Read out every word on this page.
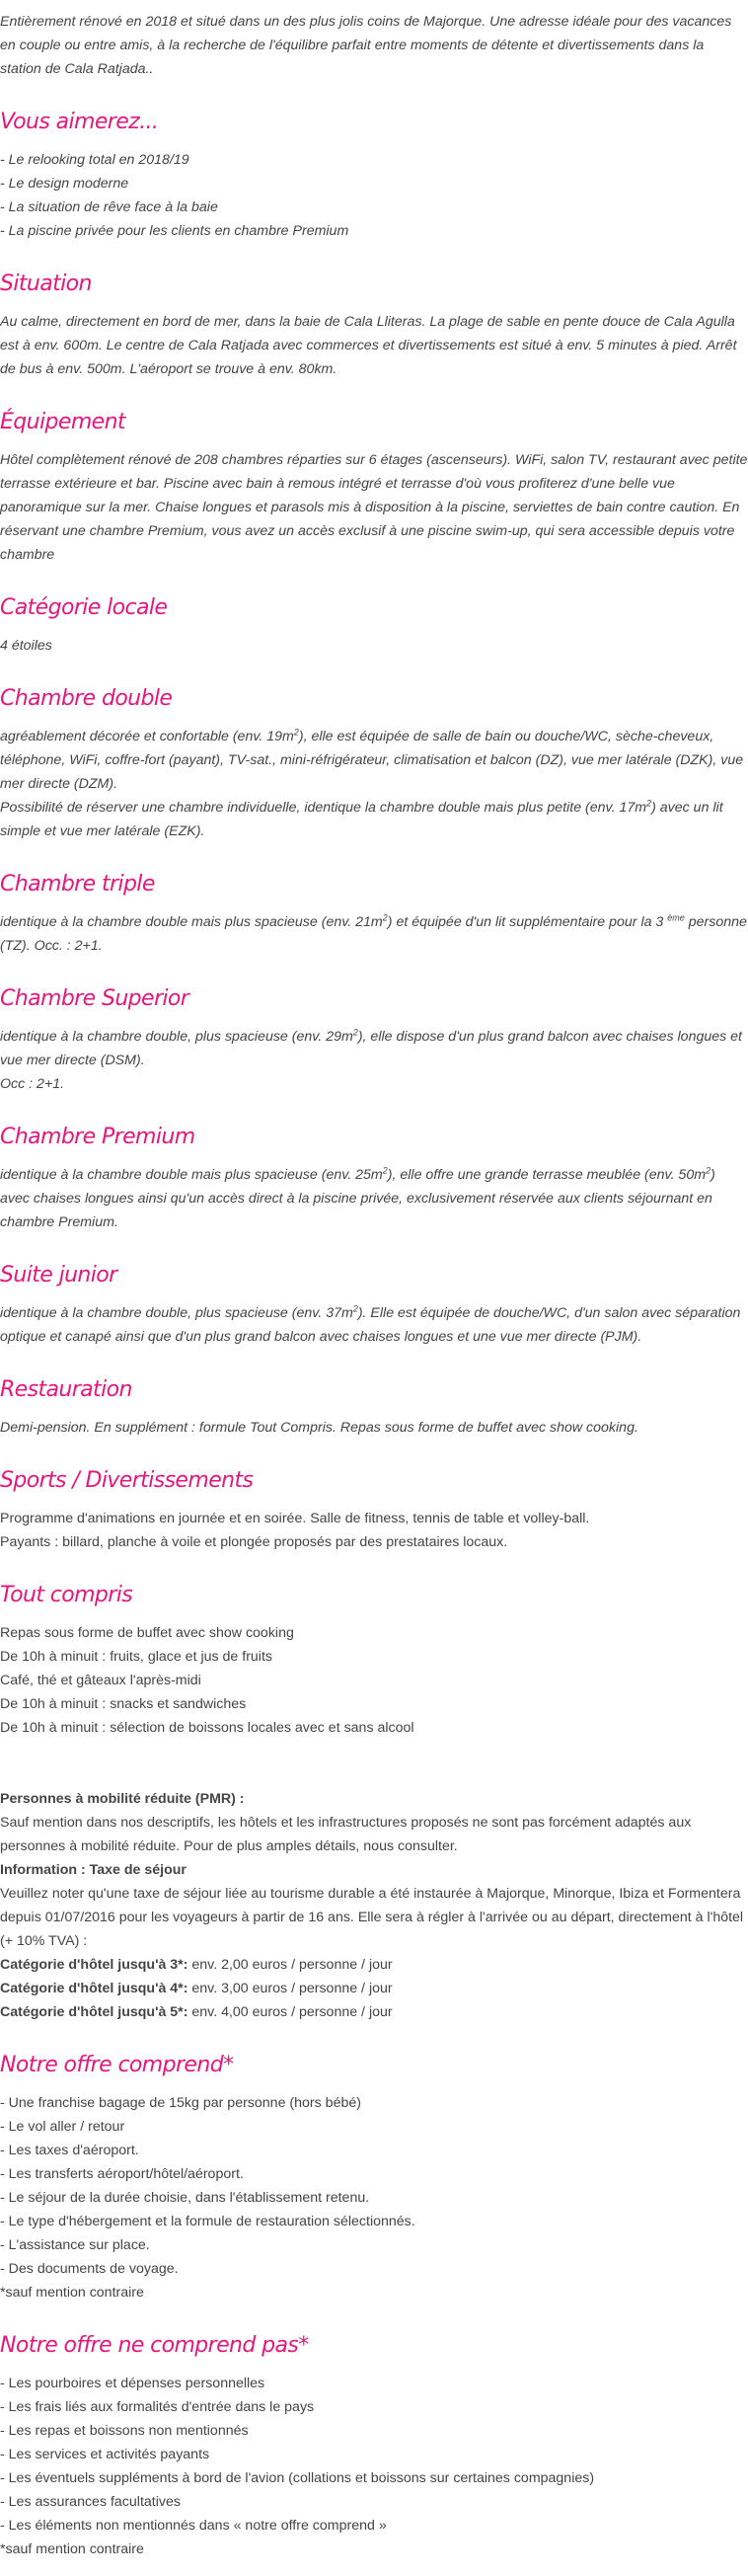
Entièrement rénové en 2018 et situé dans un des plus jolis coins de Majorque. Une adresse idéale pour des vacances en couple ou entre amis, à la recherche de l'équilibre parfait entre moments de détente et divertissements dans la station de Cala Ratjada..

Vous aimerez...
- Le relooking total en 2018/19
- Le design moderne
- La situation de rêve face à la baie
- La piscine privée pour les clients en chambre Premium
Situation

Au calme, directement en bord de mer, dans la baie de Cala Lliteras. La plage de sable en pente douce de Cala Agulla est à env. 600m. Le centre de Cala Ratjada avec commerces et divertissements est situé à env. 5 minutes à pied. Arrêt de bus à env. 500m. L'aéroport se trouve à env. 80km.

Équipement

Hôtel complètement rénové de 208 chambres réparties sur 6 étages (ascenseurs). WiFi, salon TV, restaurant avec petite terrasse extérieure et bar. Piscine avec bain à remous intégré et terrasse d'où vous profiterez d'une belle vue panoramique sur la mer. Chaise longues et parasols mis à disposition à la piscine, serviettes de bain contre caution. En réservant une chambre Premium, vous avez un accès exclusif à une piscine swim-up, qui sera accessible depuis votre chambre

Catégorie locale

4 étoiles

Chambre double

agréablement décorée et confortable (env. $19m^2$), elle est équipée de salle de bain ou douche/WC, sèche-cheveux, téléphone, WiFi, coffre-fort (payant), TV-sat., mini-réfrigérateur, climatisation et balcon (DZ), vue mer latérale (DZK), vue mer directe (DZM).

Possibilité de réserver une chambre individuelle, identique la chambre double mais plus petite (env. $17m^2$) avec un lit simple et vue mer latérale (EZK).

Chambre triple

identique à la chambre double mais plus spacieuse (env. $21m^2$) et équipée d'un lit supplémentaire pour la 3 $^{ème}$ personne (TZ). Occ. : 2+1.

Chambre Superior

identique à la chambre double, plus spacieuse (env. $29m^2$), elle dispose d'un plus grand balcon avec chaises longues et vue mer directe (DSM).

Occ : 2+1.

Chambre Premium

identique à la chambre double mais plus spacieuse (env. $25m^2$), elle offre une grande terrasse meublée (env. $50m^2$) avec chaises longues ainsi qu'un accès direct à la piscine privée, exclusivement réservée aux clients séjournant en chambre Premium.

Suite junior

identique à la chambre double, plus spacieuse (env. $37m^2$). Elle est équipée de douche/WC, d'un salon avec séparation optique et canapé ainsi que d'un plus grand balcon avec chaises longues et une vue mer directe (PJM).

Restauration

Demi-pension. En supplément : formule Tout Compris. Repas sous forme de buffet avec show cooking.

Sports / Divertissements
Programme d'animations en journée et en soirée. Salle de fitness, tennis de table et volley-ball.
Payants : billard, planche à voile et plongée proposés par des prestataires locaux.
Tout compris
Repas sous forme de buffet avec show cooking
De 10h à minuit : fruits, glace et jus de fruits
Café, thé et gâteaux l'après-midi
De 10h à minuit : snacks et sandwiches
De 10h à minuit : sélection de boissons locales avec et sans alcool
Personnes à mobilité réduite (PMR) :

Sauf mention dans nos descriptifs, les hôtels et les infrastructures proposés ne sont pas forcément adaptés aux personnes à mobilité réduite. Pour de plus amples détails, nous consulter.

Information : Taxe de séjour

Veuillez noter qu'une taxe de séjour liée au tourisme durable a été instaurée à Majorque, Minorque, Ibiza et Formentera depuis 01/07/2016 pour les voyageurs à partir de 16 ans. Elle sera à régler à l'arrivée ou au départ, directement à l'hôtel (+ 10% TVA) :

Catégorie d'hôtel jusqu'à 3*: env. 2,00 euros / personne / jour
Catégorie d'hôtel jusqu'à 4*: env. 3,00 euros / personne / jour
Catégorie d'hôtel jusqu'à 5*: env. 4,00 euros / personne / jour
Notre offre comprend*
- Une franchise bagage de 15kg par personne (hors bébé)
- Le vol aller / retour
- Les taxes d'aéroport.
- Les transferts aéroport/hôtel/aéroport.
- Le séjour de la durée choisie, dans l'établissement retenu.
- Le type d'hébergement et la formule de restauration sélectionnés.
- L'assistance sur place.
- Des documents de voyage.
*sauf mention contraire
Notre offre ne comprend pas*
- Les pourboires et dépenses personnelles
- Les frais liés aux formalités d'entrée dans le pays
- Les repas et boissons non mentionnés
- Les services et activités payants
- Les éventuels suppléments à bord de l'avion (collations et boissons sur certaines compagnies)
- Les assurances facultatives
- Les éléments non mentionnés dans « notre offre comprend »
*sauf mention contraire
